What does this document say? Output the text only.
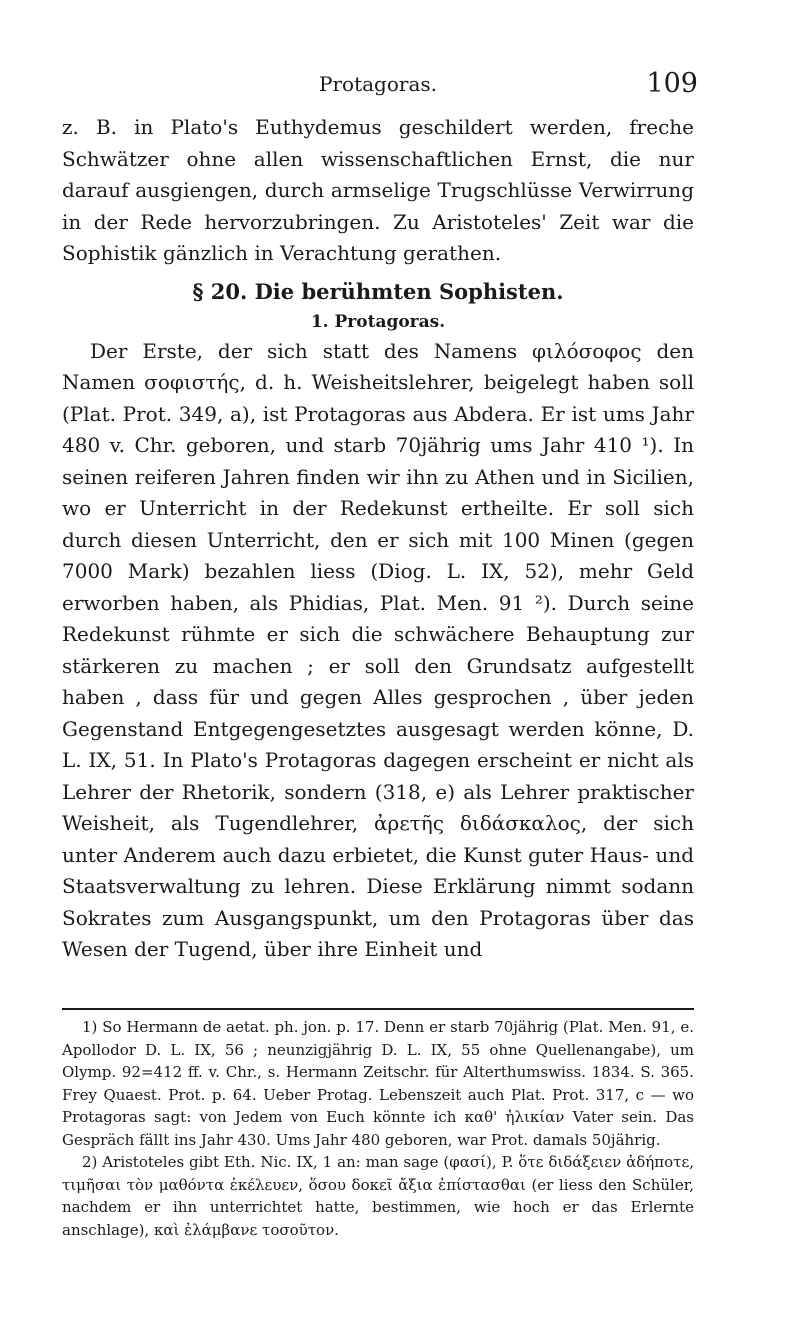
Protagoras.	109

z. B. in Plato's Euthydemus geschildert werden, freche Schwätzer ohne allen wissenschaftlichen Ernst, die nur darauf ausgiengen, durch armselige Trugschlüsse Verwirrung in der Rede hervorzubringen. Zu Aristoteles' Zeit war die Sophistik gänzlich in Verachtung gerathen.

§ 20. Die berühmten Sophisten.

1. Protagoras.

Der Erste, der sich statt des Namens φιλόσοφος den Namen σοφιστής, d. h. Weisheitslehrer, beigelegt haben soll (Plat. Prot. 349, a), ist Protagoras aus Abdera. Er ist ums Jahr 480 v. Chr. geboren, und starb 70jährig ums Jahr 410 ¹). In seinen reiferen Jahren finden wir ihn zu Athen und in Sicilien, wo er Unterricht in der Redekunst ertheilte. Er soll sich durch diesen Unterricht, den er sich mit 100 Minen (gegen 7000 Mark) bezahlen liess (Diog. L. IX, 52), mehr Geld erworben haben, als Phidias, Plat. Men. 91 ²). Durch seine Redekunst rühmte er sich die schwächere Behauptung zur stärkeren zu machen ; er soll den Grundsatz aufgestellt haben , dass für und gegen Alles gesprochen , über jeden Gegenstand Entgegengesetztes ausgesagt werden könne, D. L. IX, 51. In Plato's Protagoras dagegen erscheint er nicht als Lehrer der Rhetorik, sondern (318, e) als Lehrer praktischer Weisheit, als Tugendlehrer, ἀρετῆς διδάσκαλος, der sich unter Anderem auch dazu erbietet, die Kunst guter Haus- und Staatsverwaltung zu lehren. Diese Erklärung nimmt sodann Sokrates zum Ausgangspunkt, um den Protagoras über das Wesen der Tugend, über ihre Einheit und

1) So Hermann de aetat. ph. jon. p. 17. Denn er starb 70jährig (Plat. Men. 91, e. Apollodor D. L. IX, 56 ; neunzigjährig D. L. IX, 55 ohne Quellenangabe), um Olymp. 92=412 ff. v. Chr., s. Hermann Zeitschr. für Alterthumswiss. 1834. S. 365. Frey Quaest. Prot. p. 64. Ueber Protag. Lebenszeit auch Plat. Prot. 317, c — wo Protagoras sagt: von Jedem von Euch könnte ich καθ' ἡλικίαν Vater sein. Das Gespräch fällt ins Jahr 430. Ums Jahr 480 geboren, war Prot. damals 50jährig.

2) Aristoteles gibt Eth. Nic. IX, 1 an: man sage (φασί), P. ὅτε διδάξειεν ἁδήποτε, τιμῆσαι τὸν μαθόντα ἐκέλευεν, ὅσου δοκεῖ ἄξια ἐπίστασθαι (er liess den Schüler, nachdem er ihn unterrichtet hatte, bestimmen, wie hoch er das Erlernte anschlage), καὶ ἐλάμβανε τοσοῦτον.
